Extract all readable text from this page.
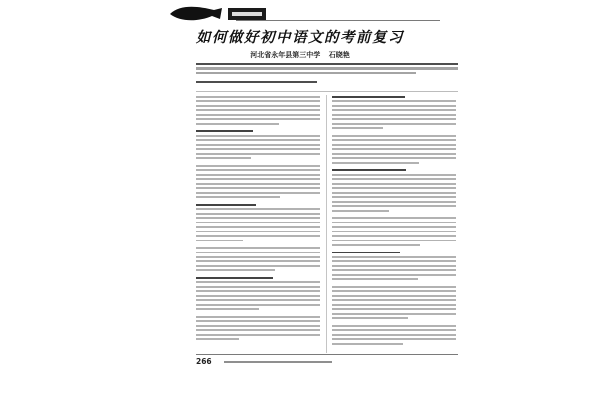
如何做好初中语文的考前复习
河北省永年县第三中学 石晓艳
266
